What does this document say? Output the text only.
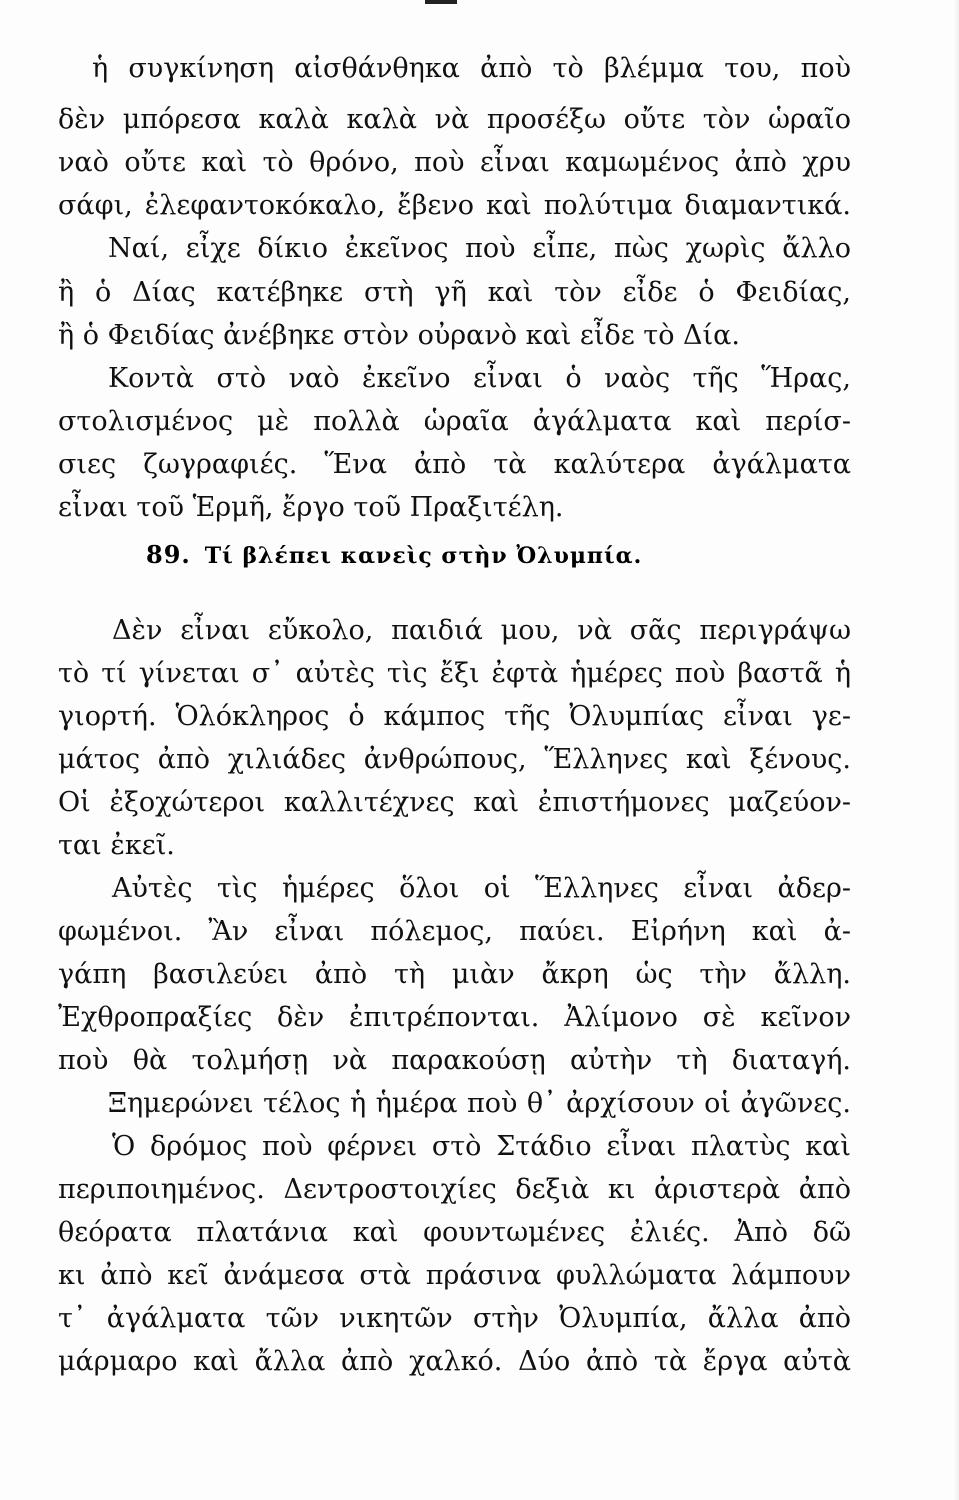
ἡ συγκίνηση αἰσθάνθηκα ἀπὸ τὸ βλέμμα του, ποὺ
δὲν μπόρεσα καλὰ καλὰ νὰ προσέξω οὔτε τὸν ὡραῖο
ναὸ οὔτε καὶ τὸ θρόνο, ποὺ εἶναι καμωμένος ἀπὸ χρυ
σάφι, ἐλεφαντοκόκαλο, ἔβενο καὶ πολύτιμα διαμαντικά.
Ναί, εἶχε δίκιο ἐκεῖνος ποὺ εἶπε, πὼς χωρὶς ἄλλο
ἢ ὁ Δίας κατέβηκε στὴ γῆ καὶ τὸν εἶδε ὁ Φειδίας,
ἢ ὁ Φειδίας ἀνέβηκε στὸν οὐρανὸ καὶ εἶδε τὸ Δία.
Κοντὰ στὸ ναὸ ἐκεῖνο εἶναι ὁ ναὸς τῆς Ἥρας,
στολισμένος μὲ πολλὰ ὡραῖα ἀγάλματα καὶ περίσ-
σιες ζωγραφιές. Ἕνα ἀπὸ τὰ καλύτερα ἀγάλματα
εἶναι τοῦ Ἑρμῆ, ἔργο τοῦ Πραξιτέλη.
89. Τί βλέπει κανεὶς στὴν Ὀλυμπία.
Δὲν εἶναι εὔκολο, παιδιά μου, νὰ σᾶς περιγράψω
τὸ τί γίνεται σ᾽ αὐτὲς τὶς ἔξι ἐφτὰ ἡμέρες ποὺ βαστᾶ ἡ
γιορτή. Ὁλόκληρος ὁ κάμπος τῆς Ὀλυμπίας εἶναι γε-
μάτος ἀπὸ χιλιάδες ἀνθρώπους, Ἕλληνες καὶ ξένους.
Οἱ ἐξοχώτεροι καλλιτέχνες καὶ ἐπιστήμονες μαζεύον-
ται ἐκεῖ.
Αὐτὲς τὶς ἡμέρες ὅλοι οἱ Ἕλληνες εἶναι ἀδερ-
φωμένοι. Ἂν εἶναι πόλεμος, παύει. Εἰρήνη καὶ ἀ-
γάπη βασιλεύει ἀπὸ τὴ μιὰν ἄκρη ὡς τὴν ἄλλη.
Ἐχθροπραξίες δὲν ἐπιτρέπονται. Ἀλίμονο σὲ κεῖνον
ποὺ θὰ τολμήσῃ νὰ παρακούσῃ αὐτὴν τὴ διαταγή.
Ξημερώνει τέλος ἡ ἡμέρα ποὺ θ᾽ ἀρχίσουν οἱ ἀγῶνες.
Ὁ δρόμος ποὺ φέρνει στὸ Στάδιο εἶναι πλατὺς καὶ
περιποιημένος. Δεντροστοιχίες δεξιὰ κι ἀριστερὰ ἀπὸ
θεόρατα πλατάνια καὶ φουντωμένες ἐλιές. Ἀπὸ δῶ
κι ἀπὸ κεῖ ἀνάμεσα στὰ πράσινα φυλλώματα λάμπουν
τ᾽ ἀγάλματα τῶν νικητῶν στὴν Ὀλυμπία, ἄλλα ἀπὸ
μάρμαρο καὶ ἄλλα ἀπὸ χαλκό. Δύο ἀπὸ τὰ ἔργα αὐτὰ
